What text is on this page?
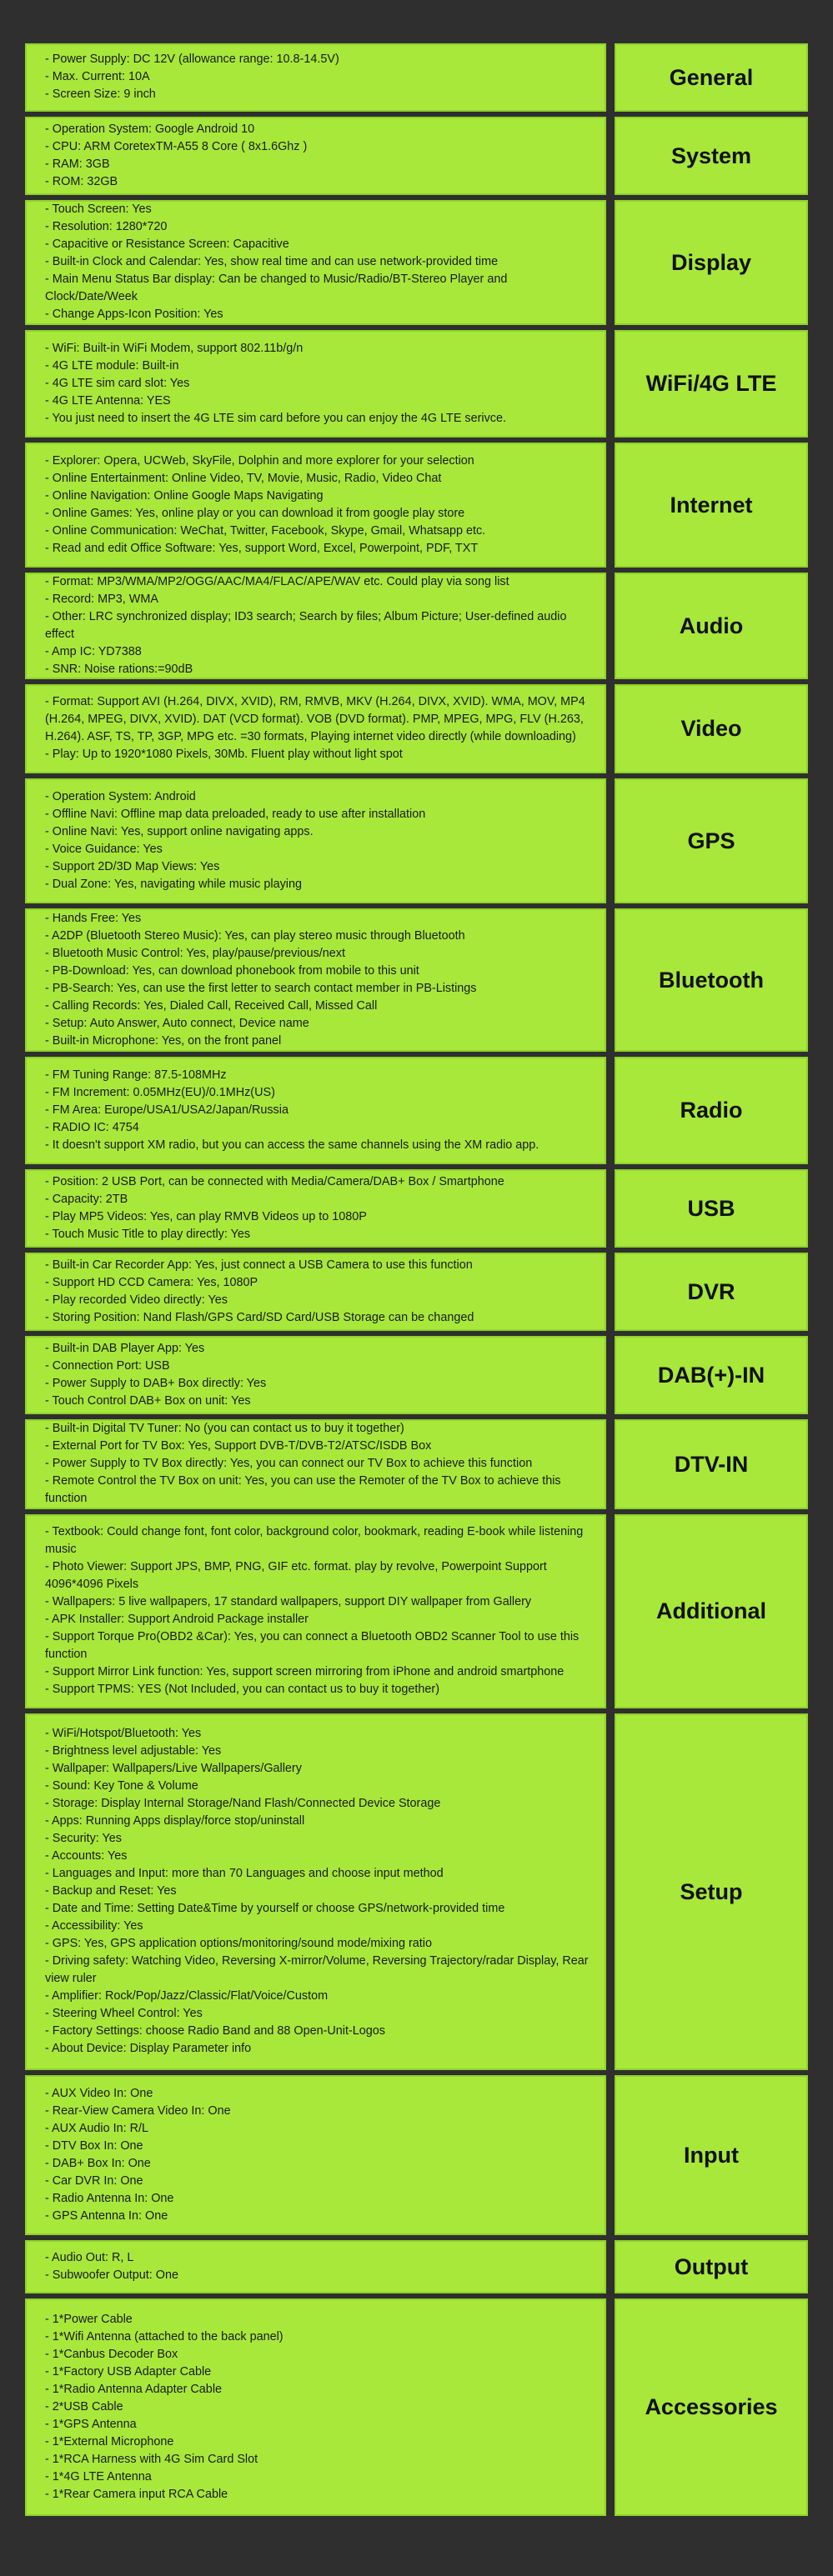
- Power Supply: DC 12V (allowance range: 10.8-14.5V)
- Max. Current: 10A
- Screen Size: 9 inch
General
- Operation System: Google Android 10
- CPU: ARM CoretexTM-A55 8 Core ( 8x1.6Ghz )
- RAM: 3GB
- ROM: 32GB
System
- Touch Screen: Yes
- Resolution: 1280*720
- Capacitive or Resistance Screen: Capacitive
- Built-in Clock and Calendar: Yes, show real time and can use network-provided time
- Main Menu Status Bar display: Can be changed to Music/Radio/BT-Stereo Player and Clock/Date/Week
- Change Apps-Icon Position: Yes
Display
- WiFi: Built-in WiFi Modem, support 802.11b/g/n
- 4G LTE module: Built-in
- 4G LTE sim card slot: Yes
- 4G LTE Antenna: YES
- You just need to insert the 4G LTE sim card before you can enjoy the 4G LTE serivce.
WiFi/4G LTE
- Explorer: Opera, UCWeb, SkyFile, Dolphin and more explorer for your selection
- Online Entertainment: Online Video, TV, Movie, Music, Radio, Video Chat
- Online Navigation: Online Google Maps Navigating
- Online Games: Yes, online play or you can download it from google play store
- Online Communication: WeChat, Twitter, Facebook, Skype, Gmail, Whatsapp etc.
- Read and edit Office Software: Yes, support Word, Excel, Powerpoint, PDF, TXT
Internet
- Format: MP3/WMA/MP2/OGG/AAC/MA4/FLAC/APE/WAV etc. Could play via song list
- Record: MP3, WMA
- Other: LRC synchronized display; ID3 search; Search by files; Album Picture; User-defined audio effect
- Amp IC: YD7388
- SNR: Noise rations:=90dB
Audio
- Format: Support AVI (H.264, DIVX, XVID), RM, RMVB, MKV (H.264, DIVX, XVID). WMA, MOV, MP4 (H.264, MPEG, DIVX, XVID). DAT (VCD format). VOB (DVD format). PMP, MPEG, MPG, FLV (H.263, H.264). ASF, TS, TP, 3GP, MPG etc. =30 formats, Playing internet video directly (while downloading)
- Play: Up to 1920*1080 Pixels, 30Mb. Fluent play without light spot
Video
- Operation System: Android
- Offline Navi: Offline map data preloaded, ready to use after installation
- Online Navi: Yes, support online navigating apps.
- Voice Guidance: Yes
- Support 2D/3D Map Views: Yes
- Dual Zone: Yes, navigating while music playing
GPS
- Hands Free: Yes
- A2DP (Bluetooth Stereo Music): Yes, can play stereo music through Bluetooth
- Bluetooth Music Control: Yes, play/pause/previous/next
- PB-Download: Yes, can download phonebook from mobile to this unit
- PB-Search: Yes, can use the first letter to search contact member in PB-Listings
- Calling Records: Yes, Dialed Call, Received Call, Missed Call
- Setup: Auto Answer, Auto connect, Device name
- Built-in Microphone: Yes, on the front panel
Bluetooth
- FM Tuning Range: 87.5-108MHz
- FM Increment: 0.05MHz(EU)/0.1MHz(US)
- FM Area: Europe/USA1/USA2/Japan/Russia
- RADIO IC: 4754
- It doesn't support XM radio, but you can access the same channels using the XM radio app.
Radio
- Position: 2 USB Port, can be connected with Media/Camera/DAB+ Box / Smartphone
- Capacity: 2TB
- Play MP5 Videos: Yes, can play RMVB Videos up to 1080P
- Touch Music Title to play directly: Yes
USB
- Built-in Car Recorder App: Yes, just connect a USB Camera to use this function
- Support HD CCD Camera: Yes, 1080P
- Play recorded Video directly: Yes
- Storing Position: Nand Flash/GPS Card/SD Card/USB Storage can be changed
DVR
- Built-in DAB Player App: Yes
- Connection Port: USB
- Power Supply to DAB+ Box directly: Yes
- Touch Control DAB+ Box on unit: Yes
DAB(+)-IN
- Built-in Digital TV Tuner: No (you can contact us to buy it together)
- External Port for TV Box: Yes, Support DVB-T/DVB-T2/ATSC/ISDB Box
- Power Supply to TV Box directly: Yes, you can connect our TV Box to achieve this function
- Remote Control the TV Box on unit: Yes, you can use the Remoter of the TV Box to achieve this function
DTV-IN
- Textbook: Could change font, font color, background color, bookmark, reading E-book while listening music
- Photo Viewer: Support JPS, BMP, PNG, GIF etc. format. play by revolve, Powerpoint Support 4096*4096 Pixels
- Wallpapers: 5 live wallpapers, 17 standard wallpapers, support DIY wallpaper from Gallery
- APK Installer: Support Android Package installer
- Support Torque Pro(OBD2 &Car): Yes, you can connect a Bluetooth OBD2 Scanner Tool to use this function
- Support Mirror Link function: Yes, support screen mirroring from iPhone and android smartphone
- Support TPMS: YES (Not Included, you can contact us to buy it together)
Additional
- WiFi/Hotspot/Bluetooth: Yes
- Brightness level adjustable: Yes
- Wallpaper: Wallpapers/Live Wallpapers/Gallery
- Sound: Key Tone & Volume
- Storage: Display Internal Storage/Nand Flash/Connected Device Storage
- Apps: Running Apps display/force stop/uninstall
- Security: Yes
- Accounts: Yes
- Languages and Input: more than 70 Languages and choose input method
- Backup and Reset: Yes
- Date and Time: Setting Date&Time by yourself or choose GPS/network-provided time
- Accessibility: Yes
- GPS: Yes, GPS application options/monitoring/sound mode/mixing ratio
- Driving safety: Watching Video, Reversing X-mirror/Volume, Reversing Trajectory/radar Display, Rear view ruler
- Amplifier: Rock/Pop/Jazz/Classic/Flat/Voice/Custom
- Steering Wheel Control: Yes
- Factory Settings: choose Radio Band and 88 Open-Unit-Logos
- About Device: Display Parameter info
Setup
- AUX Video In: One
- Rear-View Camera Video In: One
- AUX Audio In: R/L
- DTV Box In: One
- DAB+ Box In: One
- Car DVR In: One
- Radio Antenna In: One
- GPS Antenna In: One
Input
- Audio Out: R, L
- Subwoofer Output: One	Output
- 1*Power Cable
- 1*Wifi Antenna (attached to the back panel)
- 1*Canbus Decoder Box
- 1*Factory USB Adapter Cable
- 1*Radio Antenna Adapter Cable
- 2*USB Cable
- 1*GPS Antenna
- 1*External Microphone
- 1*RCA Harness with 4G Sim Card Slot
- 1*4G LTE Antenna
- 1*Rear Camera input RCA Cable
Accessories
